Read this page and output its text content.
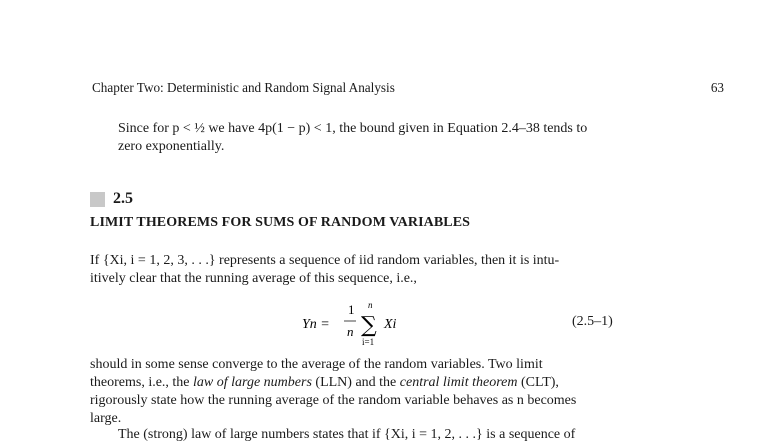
Chapter Two: Deterministic and Random Signal Analysis	63
Since for p < ½ we have 4p(1 − p) < 1, the bound given in Equation 2.4–38 tends to
zero exponentially.
2.5
LIMIT THEOREMS FOR SUMS OF RANDOM VARIABLES
If {Xi, i = 1, 2, 3, . . .} represents a sequence of iid random variables, then it is intu-
itively clear that the running average of this sequence, i.e.,
Yn =
1
n
n
∑
i=1
Xi	(2.5–1)
should in some sense converge to the average of the random variables. Two limit
theorems, i.e., the law of large numbers (LLN) and the central limit theorem (CLT),
rigorously state how the running average of the random variable behaves as n becomes
large.
The (strong) law of large numbers states that if {Xi, i = 1, 2, . . .} is a sequence of
